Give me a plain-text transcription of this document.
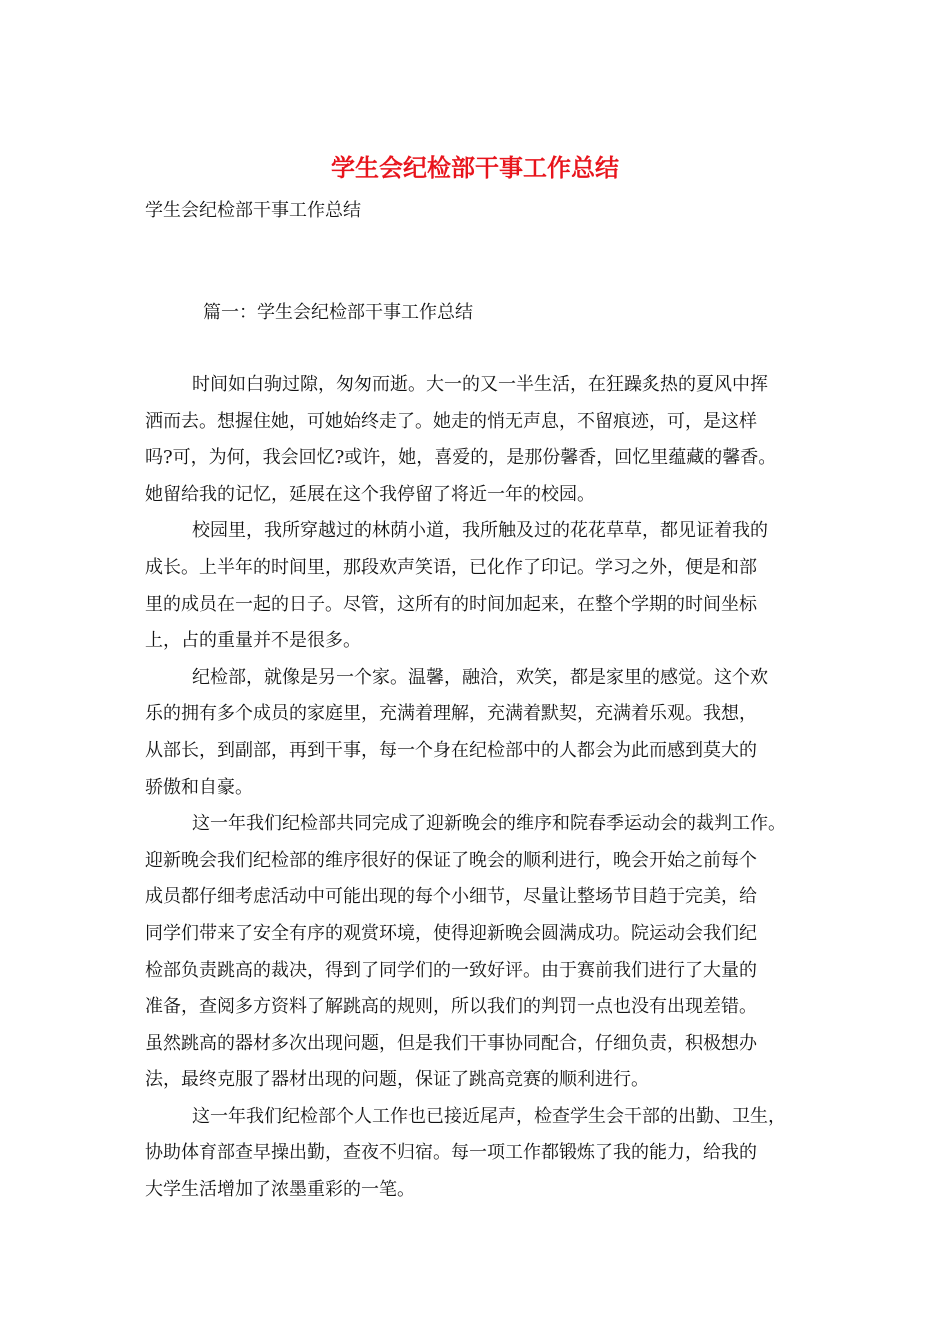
学生会纪检部干事工作总结

学生会纪检部干事工作总结

篇一：学生会纪检部干事工作总结

时间如白驹过隙，匆匆而逝。大一的又一半生活，在狂躁炙热的夏风中挥
洒而去。想握住她，可她始终走了。她走的悄无声息，不留痕迹，可，是这样
吗?可，为何，我会回忆?或许，她，喜爱的，是那份馨香，回忆里蕴藏的馨香。
她留给我的记忆，延展在这个我停留了将近一年的校园。
校园里，我所穿越过的林荫小道，我所触及过的花花草草，都见证着我的
成长。上半年的时间里，那段欢声笑语，已化作了印记。学习之外，便是和部
里的成员在一起的日子。尽管，这所有的时间加起来，在整个学期的时间坐标
上，占的重量并不是很多。
纪检部，就像是另一个家。温馨，融洽，欢笑，都是家里的感觉。这个欢
乐的拥有多个成员的家庭里，充满着理解，充满着默契，充满着乐观。我想，
从部长，到副部，再到干事，每一个身在纪检部中的人都会为此而感到莫大的
骄傲和自豪。
这一年我们纪检部共同完成了迎新晚会的维序和院春季运动会的裁判工作。
迎新晚会我们纪检部的维序很好的保证了晚会的顺利进行，晚会开始之前每个
成员都仔细考虑活动中可能出现的每个小细节，尽量让整场节目趋于完美，给
同学们带来了安全有序的观赏环境，使得迎新晚会圆满成功。院运动会我们纪
检部负责跳高的裁决，得到了同学们的一致好评。由于赛前我们进行了大量的
准备，查阅多方资料了解跳高的规则，所以我们的判罚一点也没有出现差错。
虽然跳高的器材多次出现问题，但是我们干事协同配合，仔细负责，积极想办
法，最终克服了器材出现的问题，保证了跳高竞赛的顺利进行。
这一年我们纪检部个人工作也已接近尾声，检查学生会干部的出勤、卫生，
协助体育部查早操出勤，查夜不归宿。每一项工作都锻炼了我的能力，给我的
大学生活增加了浓墨重彩的一笔。
